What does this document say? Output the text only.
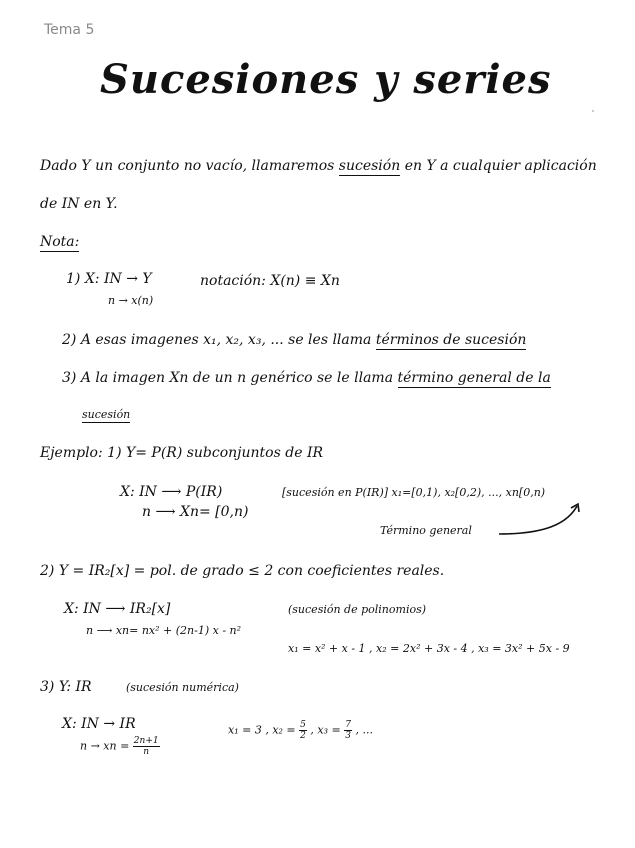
Tema 5
Sucesiones y series
Dado Y un conjunto no vacío, llamaremos sucesión en Y a cualquier aplicación
de IN en Y.
Nota:
1) X: IN → Y	notación: X(n) ≡ Xn
n → x(n)
2) A esas imagenes x₁, x₂, x₃, ... se les llama términos de sucesión
3) A la imagen Xn de un n genérico se le llama término general de la
sucesión
Ejemplo: 1) Y= P(R) subconjuntos de IR
X: IN ⟶ P(IR)	[sucesión en P(IR)] x₁=[0,1), x₂[0,2), ..., xn[0,n)
n ⟶ Xn= [0,n)
Término general
2) Y = IR₂[x] = pol. de grado ≤ 2 con coeficientes reales.
X: IN ⟶ IR₂[x]	(sucesión de polinomios)
n ⟶ xn= nx² + (2n-1) x - n²
x₁ = x² + x - 1 , x₂ = 2x² + 3x - 4 , x₃ = 3x² + 5x - 9
3) Y: IR	(sucesión numérica)
X: IN → IR
n → xn = $\frac{2n+1}{n}$
x₁ = 3 , $x_2 = \frac{5}{2}$ , $x_3 = \frac{7}{3}$ , ...
